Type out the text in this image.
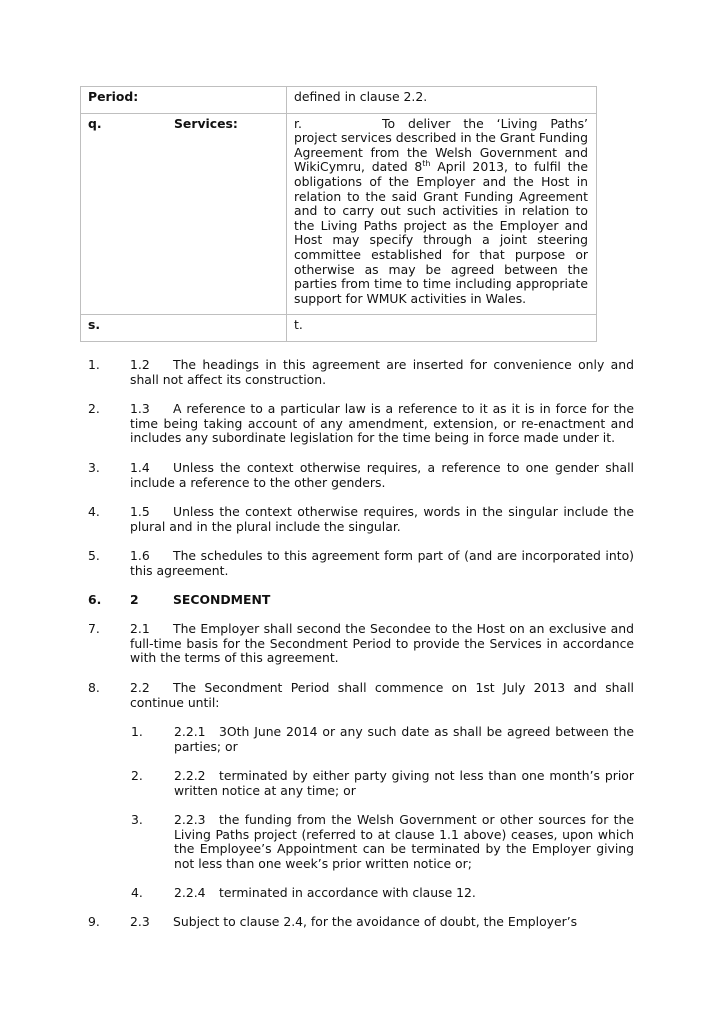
Period:	defined in clause 2.2.

q. Services:	r. To deliver the ‘Living Paths’ project services described in the Grant Funding Agreement from the Welsh Government and WikiCymru, dated 8th April 2013, to fulfil the obligations of the Employer and the Host in relation to the said Grant Funding Agreement and to carry out such activities in relation to the Living Paths project as the Employer and Host may specify through a joint steering committee established for that purpose or otherwise as may be agreed between the parties from time to time including appropriate support for WMUK activities in Wales.
s.	t.
1. 1.2 The headings in this agreement are inserted for convenience only and shall not affect its construction.
2. 1.3 A reference to a particular law is a reference to it as it is in force for the time being taking account of any amendment, extension, or re-enactment and includes any subordinate legislation for the time being in force made under it.
3. 1.4 Unless the context otherwise requires, a reference to one gender shall include a reference to the other genders.
4. 1.5 Unless the context otherwise requires, words in the singular include the plural and in the plural include the singular.
5. 1.6 The schedules to this agreement form part of (and are incorporated into) this agreement.
6. 2	SECONDMENT
7. 2.1 The Employer shall second the Secondee to the Host on an exclusive and full-time basis for the Secondment Period to provide the Services in accordance with the terms of this agreement.
8. 2.2 The Secondment Period shall commence on 1st July 2013 and shall continue until:
1.	2.2.1 3Oth June 2014 or any such date as shall be agreed between the parties; or
2.	2.2.2 terminated by either party giving not less than one month’s prior written notice at any time; or
3.	2.2.3 the funding from the Welsh Government or other sources for the Living Paths project (referred to at clause 1.1 above) ceases, upon which the Employee’s Appointment can be terminated by the Employer giving not less than one week’s prior written notice or;
4.	2.2.4 terminated in accordance with clause 12.
9. 2.3 Subject to clause 2.4, for the avoidance of doubt, the Employer’s
